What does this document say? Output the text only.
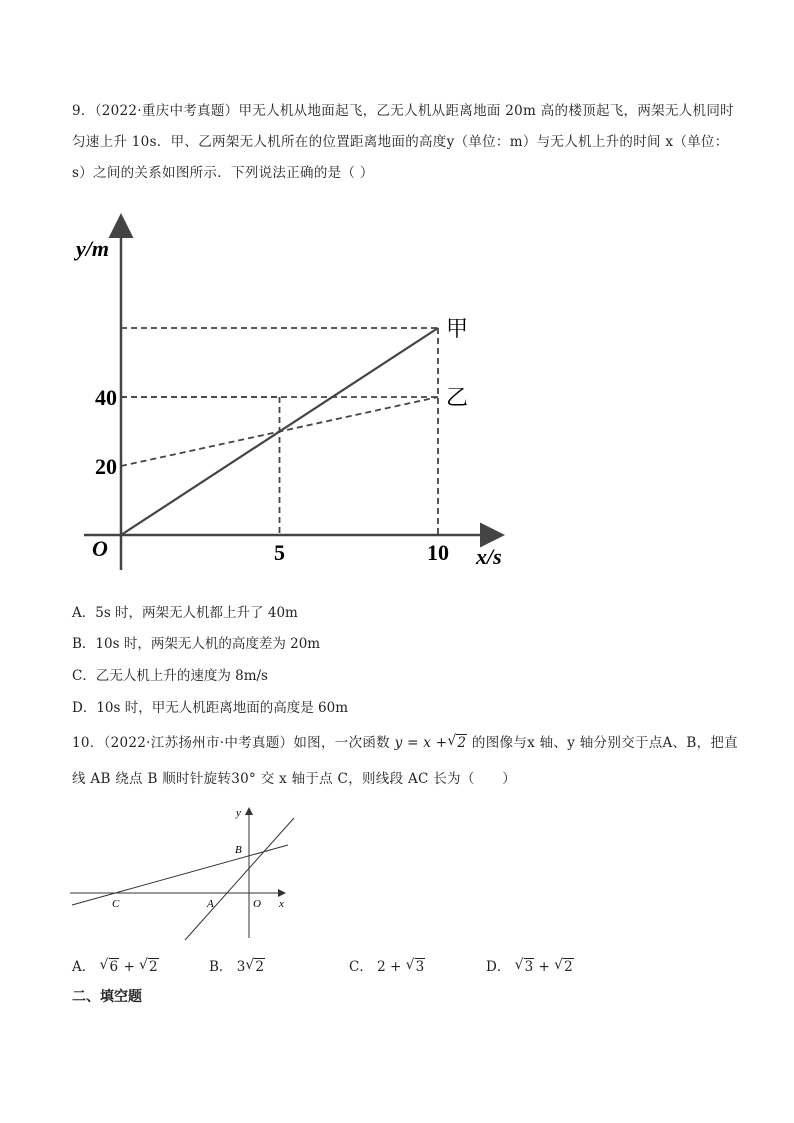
9．（2022·重庆中考真题）甲无人机从地面起飞，乙无人机从距离地面 20m 高的楼顶起飞，两架无人机同时
匀速上升 10s．甲、乙两架无人机所在的位置距离地面的高度y（单位：m）与无人机上升的时间 x（单位：
s）之间的关系如图所示．下列说法正确的是（ ）
y/m
x/s
O
甲
乙
5	10
20
40
A．5s 时，两架无人机都上升了 40m
B．10s 时，两架无人机的高度差为 20m
C．乙无人机上升的速度为 8m/s
D．10s 时，甲无人机距离地面的高度是 60m
10．（2022·江苏扬州市·中考真题）如图，一次函数 y = x + √ 2 的图像与x 轴、y 轴分别交于点A、B，把直
线 AB 绕点 B 顺时针旋转30° 交 x 轴于点 C，则线段 AC 长为（　　）
y
x
B
C	A	O
A． √ 6 + √ 2	B． 3 √ 2	C． 2 + √ 3	D． √ 3 + √ 2
二、填空题
